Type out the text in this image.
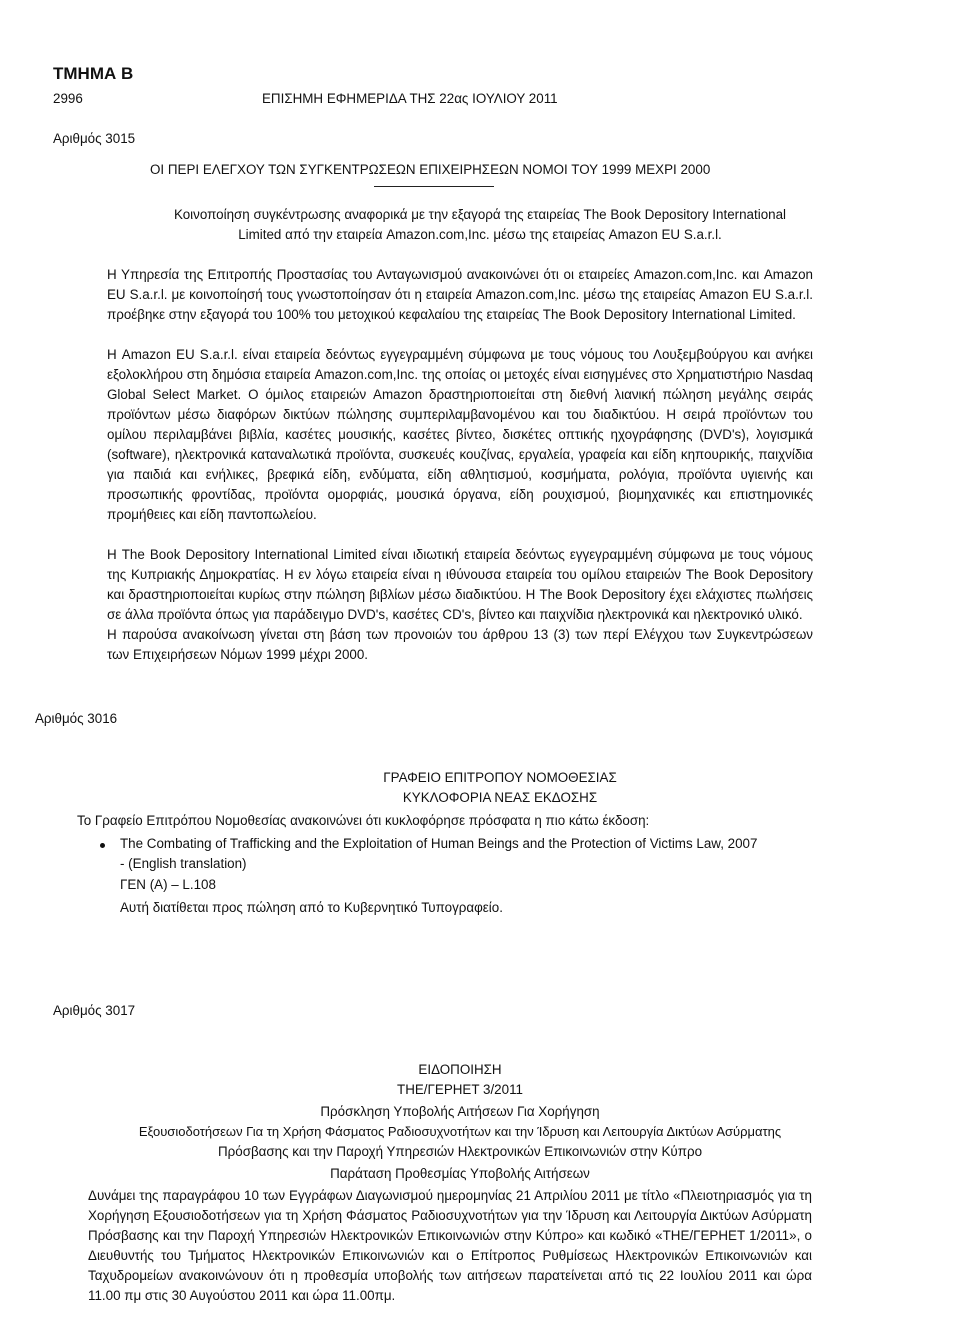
ΤΜΗΜΑ Β
2996	ΕΠΙΣΗΜΗ ΕΦΗΜΕΡΙΔΑ ΤΗΣ 22ας ΙΟΥΛΙΟΥ 2011
Αριθμός 3015
ΟΙ ΠΕΡΙ ΕΛΕΓΧΟΥ ΤΩΝ ΣΥΓΚΕΝΤΡΩΣΕΩΝ ΕΠΙΧΕΙΡΗΣΕΩΝ ΝΟΜΟΙ ΤΟΥ 1999 ΜΕΧΡΙ 2000
Κοινοποίηση συγκέντρωσης αναφορικά με την εξαγορά της εταιρείας The Book Depository International
Limited από την εταιρεία Amazon.com,Inc. μέσω της εταιρείας Amazon EU S.a.r.l.
Η Υπηρεσία της Επιτροπής Προστασίας του Ανταγωνισμού ανακοινώνει ότι οι εταιρείες Amazon.com,Inc. και Amazon EU S.a.r.l. με κοινοποίησή τους γνωστοποίησαν ότι η εταιρεία Amazon.com,Inc. μέσω της εταιρείας Amazon EU S.a.r.l. προέβηκε στην εξαγορά του 100% του μετοχικού κεφαλαίου της εταιρείας The Book Depository International Limited.
Η Amazon EU S.a.r.l. είναι εταιρεία δεόντως εγγεγραμμένη σύμφωνα με τους νόμους του Λουξεμβούργου και ανήκει εξολοκλήρου στη δημόσια εταιρεία Amazon.com,Inc. της οποίας οι μετοχές είναι εισηγμένες στο Χρηματιστήριο Nasdaq Global Select Market. Ο όμιλος εταιρειών Amazon δραστηριοποιείται στη διεθνή λιανική πώληση μεγάλης σειράς προϊόντων μέσω διαφόρων δικτύων πώλησης συμπεριλαμβανομένου και του διαδικτύου. Η σειρά προϊόντων του ομίλου περιλαμβάνει βιβλία, κασέτες μουσικής, κασέτες βίντεο, δισκέτες οπτικής ηχογράφησης (DVD's), λογισμικά (software), ηλεκτρονικά καταναλωτικά προϊόντα, συσκευές κουζίνας, εργαλεία, γραφεία και είδη κηπουρικής, παιχνίδια για παιδιά και ενήλικες, βρεφικά είδη, ενδύματα, είδη αθλητισμού, κοσμήματα, ρολόγια, προϊόντα υγιεινής και προσωπικής φροντίδας, προϊόντα ομορφιάς, μουσικά όργανα, είδη ρουχισμού, βιομηχανικές και επιστημονικές προμήθειες και είδη παντοπωλείου.
Η The Book Depository International Limited είναι ιδιωτική εταιρεία δεόντως εγγεγραμμένη σύμφωνα με τους νόμους της Κυπριακής Δημοκρατίας. Η εν λόγω εταιρεία είναι η ιθύνουσα εταιρεία του ομίλου εταιρειών The Book Depository και δραστηριοποιείται κυρίως στην πώληση βιβλίων μέσω διαδικτύου. Η The Book Depository έχει ελάχιστες πωλήσεις σε άλλα προϊόντα όπως για παράδειγμο DVD's, κασέτες CD's, βίντεο και παιχνίδια ηλεκτρονικά και ηλεκτρονικό υλικό.
Η παρούσα ανακοίνωση γίνεται στη βάση των προνοιών του άρθρου 13 (3) των περί Ελέγχου των Συγκεντρώσεων των Επιχειρήσεων Νόμων 1999 μέχρι 2000.
Αριθμός 3016
ΓΡΑΦΕΙΟ ΕΠΙΤΡΟΠΟΥ ΝΟΜΟΘΕΣΙΑΣ
ΚΥΚΛΟΦΟΡΙΑ ΝΕΑΣ ΕΚΔΟΣΗΣ
Το Γραφείο Επιτρόπου Νομοθεσίας ανακοινώνει ότι κυκλοφόρησε πρόσφατα η πιο κάτω έκδοση:
The Combating of Trafficking and the Exploitation of Human Beings and the Protection of Victims Law, 2007
- (English translation)
ΓΕΝ (Α) – L.108
Αυτή διατίθεται προς πώληση από το Κυβερνητικό Τυπογραφείο.
Αριθμός 3017
ΕΙΔΟΠΟΙΗΣΗ
ΤΗΕ/ΓΕΡΗΕΤ 3/2011
Πρόσκληση Υποβολής Αιτήσεων Για Χορήγηση
Εξουσιοδοτήσεων Για τη Χρήση Φάσματος Ραδιοσυχνοτήτων και την Ίδρυση και Λειτουργία Δικτύων Ασύρματης
Πρόσβασης και την Παροχή Υπηρεσιών Ηλεκτρονικών Επικοινωνιών στην Κύπρο
Παράταση Προθεσμίας Υποβολής Αιτήσεων
Δυνάμει της παραγράφου 10 των Εγγράφων Διαγωνισμού ημερομηνίας 21 Απριλίου 2011 με τίτλο «Πλειοτηριασμός για τη Χορήγηση Εξουσιοδοτήσεων για τη Χρήση Φάσματος Ραδιοσυχνοτήτων για την Ίδρυση και Λειτουργία Δικτύων Ασύρματη Πρόσβασης και την Παροχή Υπηρεσιών Ηλεκτρονικών Επικοινωνιών στην Κύπρο» και κωδικό «ΤΗΕ/ΓΕΡΗΕΤ 1/2011», ο Διευθυντής του Τμήματος Ηλεκτρονικών Επικοινωνιών και ο Επίτροπος Ρυθμίσεως Ηλεκτρονικών Επικοινωνιών και Ταχυδρομείων ανακοινώνουν ότι η προθεσμία υποβολής των αιτήσεων παρατείνεται από τις 22 Ιουλίου 2011 και ώρα 11.00 πμ στις 30 Αυγούστου 2011 και ώρα 11.00πμ.
